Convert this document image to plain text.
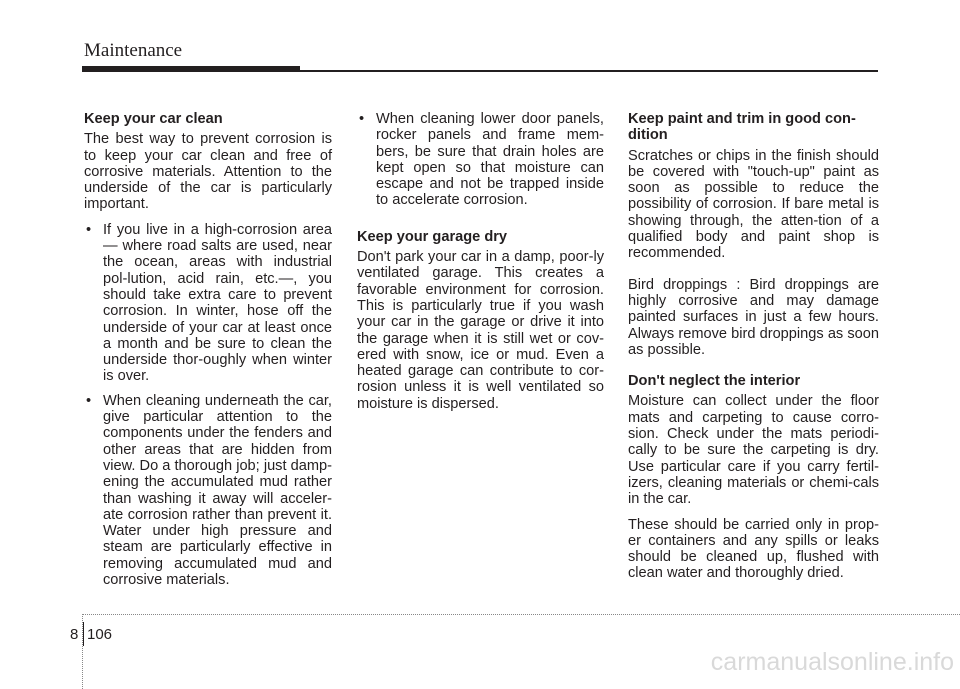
Maintenance

Keep your car clean

The best way to prevent corrosion is to keep your car clean and free of corrosive materials. Attention to the underside of the car is particularly important.

• If you live in a high-corrosion area — where road salts are used, near the ocean, areas with industrial pol-lution, acid rain, etc.—, you should take extra care to prevent corrosion. In winter, hose off the underside of your car at least once a month and be sure to clean the underside thor-oughly when winter is over.
• When cleaning underneath the car, give particular attention to the components under the fenders and other areas that are hidden from view. Do a thorough job; just damp-ening the accumulated mud rather than washing it away will acceler-ate corrosion rather than prevent it. Water under high pressure and steam are particularly effective in removing accumulated mud and corrosive materials.
• When cleaning lower door panels, rocker panels and frame mem-bers, be sure that drain holes are kept open so that moisture can escape and not be trapped inside to accelerate corrosion.

Keep your garage dry

Don't park your car in a damp, poor-ly ventilated garage. This creates a favorable environment for corrosion. This is particularly true if you wash your car in the garage or drive it into the garage when it is still wet or cov-ered with snow, ice or mud. Even a heated garage can contribute to cor-rosion unless it is well ventilated so moisture is dispersed.

Keep paint and trim in good con-dition

Scratches or chips in the finish should be covered with "touch-up" paint as soon as possible to reduce the possibility of corrosion. If bare metal is showing through, the atten-tion of a qualified body and paint shop is recommended.

Bird droppings : Bird droppings are highly corrosive and may damage painted surfaces in just a few hours. Always remove bird droppings as soon as possible.

Don't neglect the interior

Moisture can collect under the floor mats and carpeting to cause corro-sion. Check under the mats periodi-cally to be sure the carpeting is dry. Use particular care if you carry fertil-izers, cleaning materials or chemi-cals in the car.

These should be carried only in prop-er containers and any spills or leaks should be cleaned up, flushed with clean water and thoroughly dried.

8 106
carmanualsonline.info
